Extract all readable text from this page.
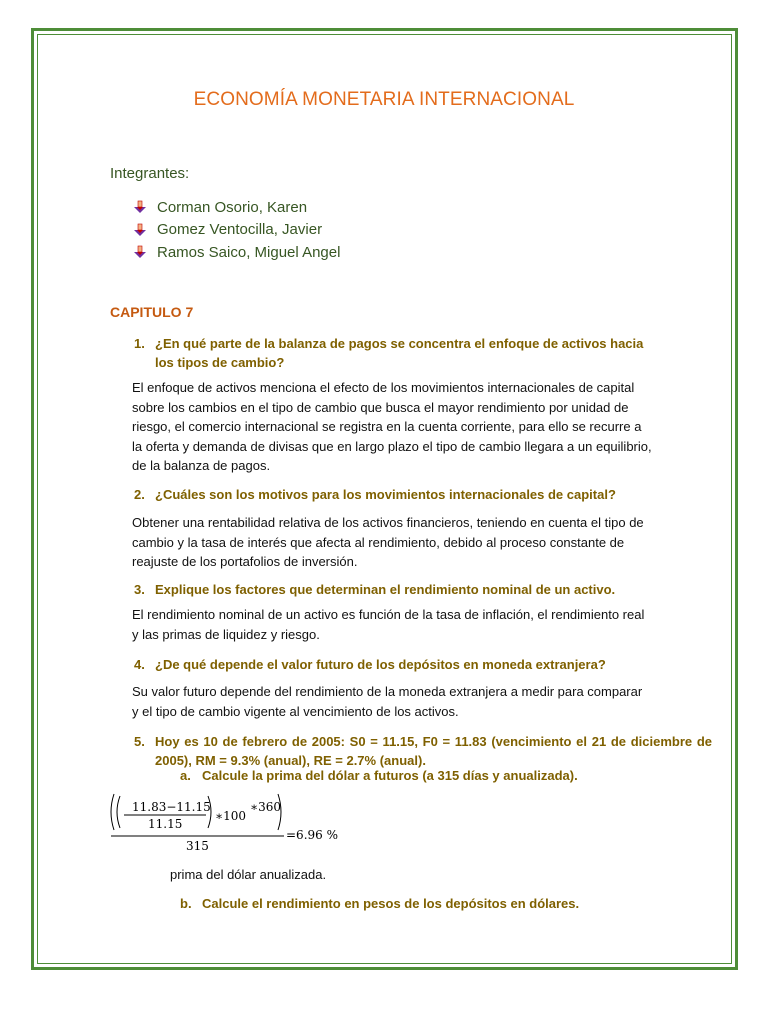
ECONOMÍA MONETARIA INTERNACIONAL
Integrantes:
Corman Osorio, Karen
Gomez Ventocilla, Javier
Ramos Saico, Miguel Angel
CAPITULO 7
1. ¿En qué parte de la balanza de pagos se concentra el enfoque de activos hacia los tipos de cambio?
El enfoque de activos menciona el efecto de los movimientos internacionales de capital sobre los cambios en el tipo de cambio que busca el mayor rendimiento por unidad de riesgo, el comercio internacional se registra en la cuenta corriente, para ello se recurre a la oferta y demanda de divisas que en largo plazo el tipo de cambio llegara a un equilibrio, de la balanza de pagos.
2. ¿Cuáles son los motivos para los movimientos internacionales de capital?
Obtener una rentabilidad relativa de los activos financieros, teniendo en cuenta el tipo de cambio y la tasa de interés que afecta al rendimiento, debido al proceso constante de reajuste de los portafolios de inversión.
3. Explique los factores que determinan el rendimiento nominal de un activo.
El rendimiento nominal de un activo es función de la tasa de inflación, el rendimiento real y las primas de liquidez y riesgo.
4. ¿De qué depende el valor futuro de los depósitos en moneda extranjera?
Su valor futuro depende del rendimiento de la moneda extranjera a medir para comparar y el tipo de cambio vigente al vencimiento de los activos.
5. Hoy es 10 de febrero de 2005: S0 = 11.15, F0 = 11.83 (vencimiento el 21 de diciembre de 2005), RM = 9.3% (anual), RE = 2.7% (anual).
a. Calcule la prima del dólar a futuros (a 315 días y anualizada).
11.83−11.15
11.15
∗100
∗360
315
=6.96 %
prima del dólar anualizada.
b. Calcule el rendimiento en pesos de los depósitos en dólares.
